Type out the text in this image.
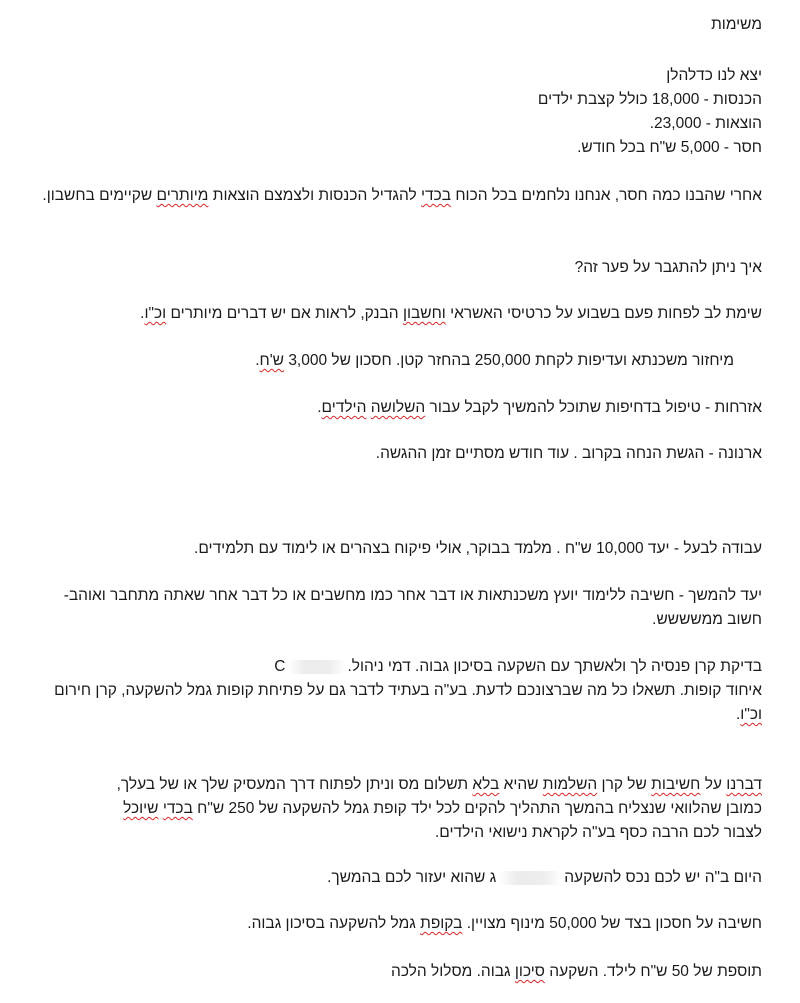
משימות
יצא לנו כדלהלן
הכנסות - 18,000 כולל קצבת ילדים
הוצאות - 23,000.
חסר - 5,000 ש"ח בכל חודש.
אחרי שהבנו כמה חסר, אנחנו נלחמים בכל הכוח בכדי להגדיל הכנסות ולצמצם הוצאות מיותרים שקיימים בחשבון.
איך ניתן להתגבר על פער זה?
שימת לב לפחות פעם בשבוע על כרטיסי האשראי וחשבון הבנק, לראות אם יש דברים מיותרים וכ"ו.
מיחזור משכנתא ועדיפות לקחת 250,000 בהחזר קטן. חסכון של 3,000 ש'ח.
אזרחות - טיפול בדחיפות שתוכל להמשיך לקבל עבור השלושה הילדים.
ארנונה - הגשת הנחה בקרוב . עוד חודש מסתיים זמן ההגשה.
עבודה לבעל - יעד 10,000 ש"ח . מלמד בבוקר, אולי פיקוח בצהרים או לימוד עם תלמידים.
יעד להמשך - חשיבה ללימוד יועץ משכנתאות או דבר אחר כמו מחשבים או כל דבר אחר שאתה מתחבר ואוהב- חשוב ממשששש.
בדיקת קרן פנסיה לך ולאשתך עם השקעה בסיכון גבוה. דמי ניהול.C
איחוד קופות. תשאלו כל מה שברצונכם לדעת. בע"ה בעתיד לדבר גם על פתיחת קופות גמל להשקעה, קרן חירום וכ"ו.
דברנו על חשיבות של קרן השלמות שהיא בלא תשלום מס וניתן לפתוח דרך המעסיק שלך או של בעלך,
כמובן שהלוואי שנצליח בהמשך התהליך להקים לכל ילד קופת גמל להשקעה של 250 ש"ח בכדי שיוכל
לצבור לכם הרבה כסף בע"ה לקראת נישואי הילדים.
היום ב"ה יש לכם נכס להשקעהג שהוא יעזור לכם בהמשך.
חשיבה על חסכון בצד של 50,000 מינוף מצויין. בקופת גמל להשקעה בסיכון גבוה.
תוספת של 50 ש"ח לילד. השקעה סיכון גבוה. מסלול הלכה
